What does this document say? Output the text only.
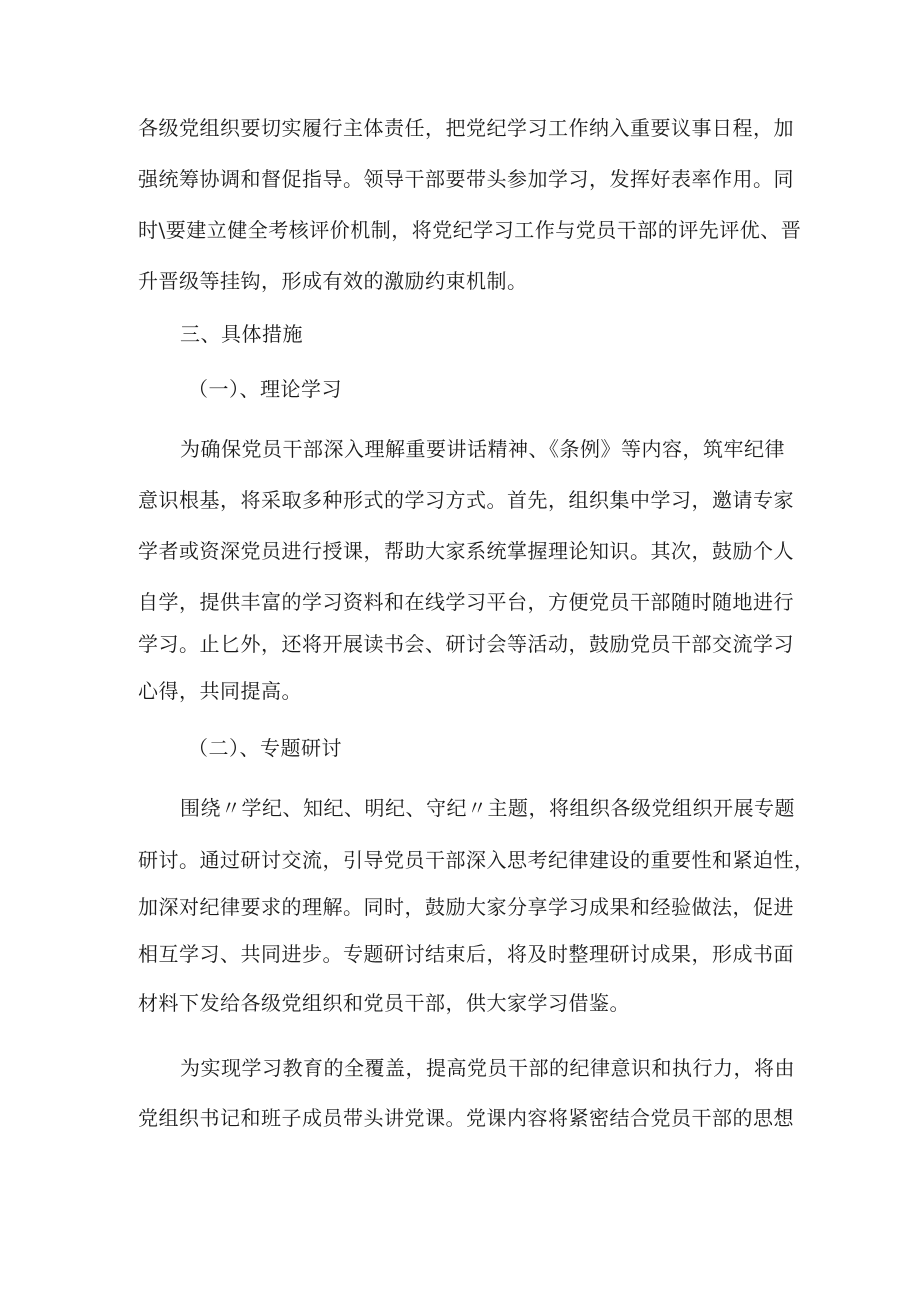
各级党组织要切实履行主体责任，把党纪学习工作纳入重要议事日程，加
强统筹协调和督促指导。领导干部要带头参加学习，发挥好表率作用。同
时\要建立健全考核评价机制，将党纪学习工作与党员干部的评先评优、晋
升晋级等挂钩，形成有效的激励约束机制。
三、具体措施
（一）、理论学习
为确保党员干部深入理解重要讲话精神、《条例》等内容，筑牢纪律
意识根基，将采取多种形式的学习方式。首先，组织集中学习，邀请专家
学者或资深党员进行授课，帮助大家系统掌握理论知识。其次，鼓励个人
自学，提供丰富的学习资料和在线学习平台，方便党员干部随时随地进行
学习。止匕外，还将开展读书会、研讨会等活动，鼓励党员干部交流学习
心得，共同提高。
（二）、专题研讨
围绕〃学纪、知纪、明纪、守纪〃主题，将组织各级党组织开展专题
研讨。通过研讨交流，引导党员干部深入思考纪律建设的重要性和紧迫性，
加深对纪律要求的理解。同时，鼓励大家分享学习成果和经验做法，促进
相互学习、共同进步。专题研讨结束后，将及时整理研讨成果，形成书面
材料下发给各级党组织和党员干部，供大家学习借鉴。
为实现学习教育的全覆盖，提高党员干部的纪律意识和执行力，将由
党组织书记和班子成员带头讲党课。党课内容将紧密结合党员干部的思想
